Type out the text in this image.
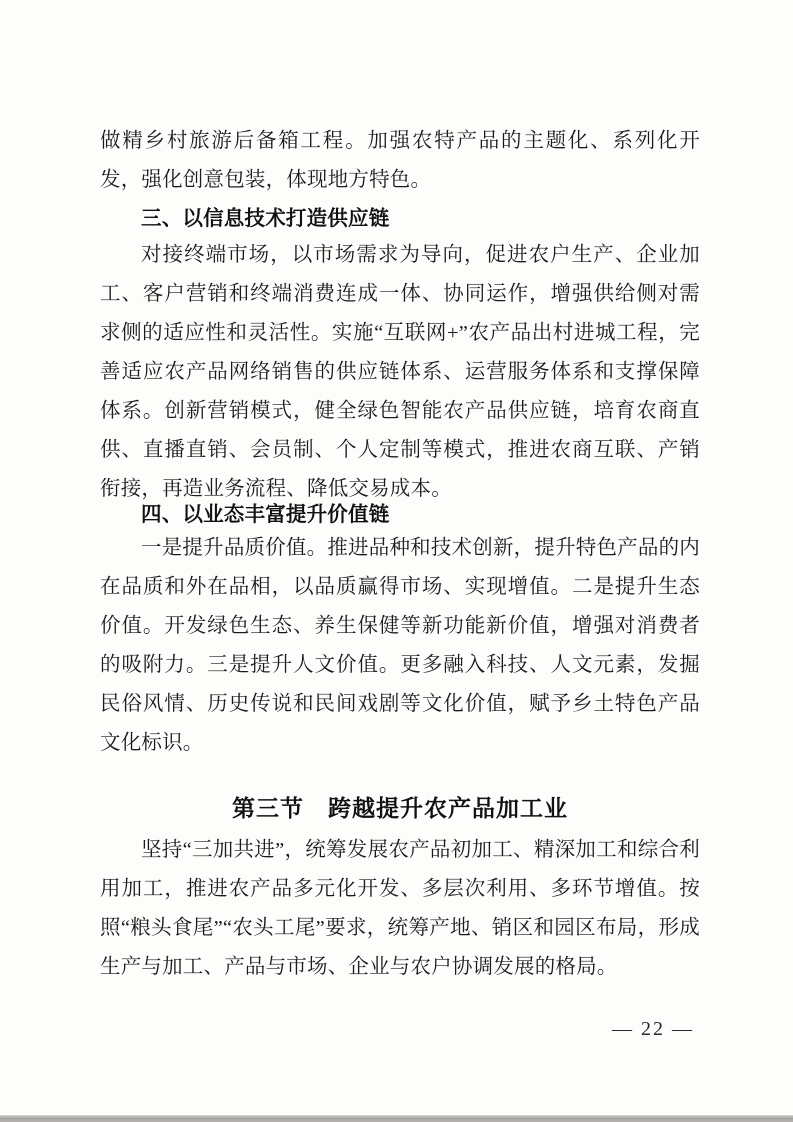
做精乡村旅游后备箱工程。加强农特产品的主题化、系列化开发，强化创意包装，体现地方特色。
三、以信息技术打造供应链
对接终端市场，以市场需求为导向，促进农户生产、企业加工、客户营销和终端消费连成一体、协同运作，增强供给侧对需求侧的适应性和灵活性。实施“互联网+”农产品出村进城工程，完善适应农产品网络销售的供应链体系、运营服务体系和支撑保障体系。创新营销模式，健全绿色智能农产品供应链，培育农商直供、直播直销、会员制、个人定制等模式，推进农商互联、产销衔接，再造业务流程、降低交易成本。
四、以业态丰富提升价值链
一是提升品质价值。推进品种和技术创新，提升特色产品的内在品质和外在品相，以品质赢得市场、实现增值。二是提升生态价值。开发绿色生态、养生保健等新功能新价值，增强对消费者的吸附力。三是提升人文价值。更多融入科技、人文元素，发掘民俗风情、历史传说和民间戏剧等文化价值，赋予乡土特色产品文化标识。
第三节　跨越提升农产品加工业
坚持“三加共进”，统筹发展农产品初加工、精深加工和综合利用加工，推进农产品多元化开发、多层次利用、多环节增值。按照“粮头食尾”“农头工尾”要求，统筹产地、销区和园区布局，形成生产与加工、产品与市场、企业与农户协调发展的格局。
— 22 —
